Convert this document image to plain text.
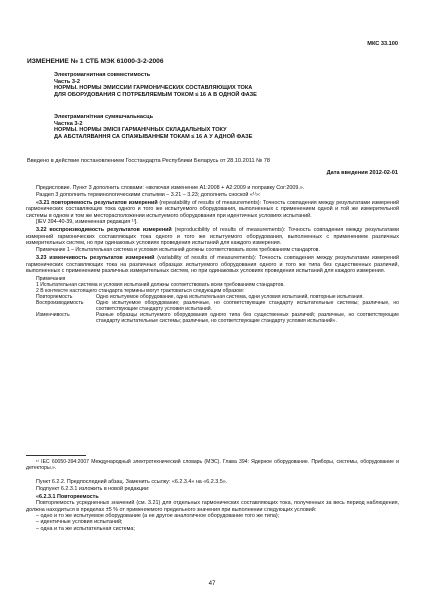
МКС 33.100
ИЗМЕНЕНИЕ № 1 СТБ МЭК 61000-3-2-2006
Электромагнитная совместимость
Часть 3-2
НОРМЫ. НОРМЫ ЭМИССИИ ГАРМОНИЧЕСКИХ СОСТАВЛЯЮЩИХ ТОКА
ДЛЯ ОБОРУДОВАНИЯ С ПОТРЕБЛЯЕМЫМ ТОКОМ ≤ 16 А В ОДНОЙ ФАЗЕ
Электрамагнітная сумяшчальнасць
Частка 3-2
НОРМЫ. НОРМЫ ЭМІСІІ ГАРМАНІЧНЫХ СКЛАДАЛЬНЫХ ТОКУ
ДА АБСТАЛЯВАННЯ СА СПАЖЫВАННЕМ ТОКАМ ≤ 16 А У АДНОЙ ФАЗЕ
Введено в действие постановлением Госстандарта Республики Беларусь от 28.10.2011 № 78
Дата введения 2012-02-01

Предисловие. Пункт 3 дополнить словами: «включая изменение А1:2008 + А2:2009 и поправку Cor:2009.».

Раздел 3 дополнить терминологическими статьями – 3.21 – 3.23; дополнить сноской «¹⁾»:

«3.21 повторяемость результатов измерений (repeatability of results of measurements): Точность совпадения между результатами измерений гармонических составляющих тока одного и того же испытуемого оборудования, выполненных с применением одной и той же измерительной системы в одном и том же месторасположении испытуемого оборудования при идентичных условиях испытаний.

[IEV 394-40-39, измененная редакция ¹⁾].

3.22 воспроизводимость результатов измерений (reproducibility of results of measurements): Точность совпадения между результатами измерений гармонических составляющих тока одного и того же испытуемого оборудования, выполненных с применением различных измерительных систем, но при одинаковых условиях проведения испытаний для каждого измерения.

Примечание 1 – Испытательная система и условия испытаний должны соответствовать всем требованиям стандартов.

3.23 изменчивость результатов измерений (variability of results of measurements): Точность совпадения между результатами измерений гармонических составляющих тока на различных образцах испытуемого оборудования одного и того же типа без существенных различий, выполненных с применением различных измерительных систем, но при одинаковых условиях проведения испытаний для каждого измерения.

Примечания

1 Испытательная система и условия испытаний должны соответствовать всем требованиям стандартов.

2 В контексте настоящего стандарта термины могут трактоваться следующим образом:

Повторяемость	Одно испытуемое оборудование, одна испытательная система, одни условия испытаний, повторные испытания.
Воспроизводимость	Одно испытуемое оборудование; различные, но соответствующие стандарту испытательные системы; различные, но соответствующие стандарту условия испытаний.
Изменчивость	Разные образцы испытуемого оборудования одного типа без существенных различий; различные, но соответствующие стандарту испытательные системы; различные, но соответствующие стандарту условия испытаний».

¹⁾ IEC 60050-394:2007 Международный электротехнический словарь (МЭС). Глава 394: Ядерное оборудование. Приборы, системы, оборудование и детекторы.».

Пункт 6.2.2. Предпоследний абзац. Заменить ссылку: «6.2.3.4» на «6.2.3.5».

Подпункт 6.2.3.1 изложить в новой редакции:

«6.2.3.1 Повторяемость

Повторяемость усредненных значений (см. 3.21) для отдельных гармонических составляющих тока, полученных за весь период наблюдения, должна находиться в пределах ±5 % от применяемого предельного значения при выполнении следующих условий:

– одно и то же испытуемое оборудование (а не другое аналогичное оборудование того же типа);

– идентичные условия испытаний;

– одна и та же испытательная система;

47
